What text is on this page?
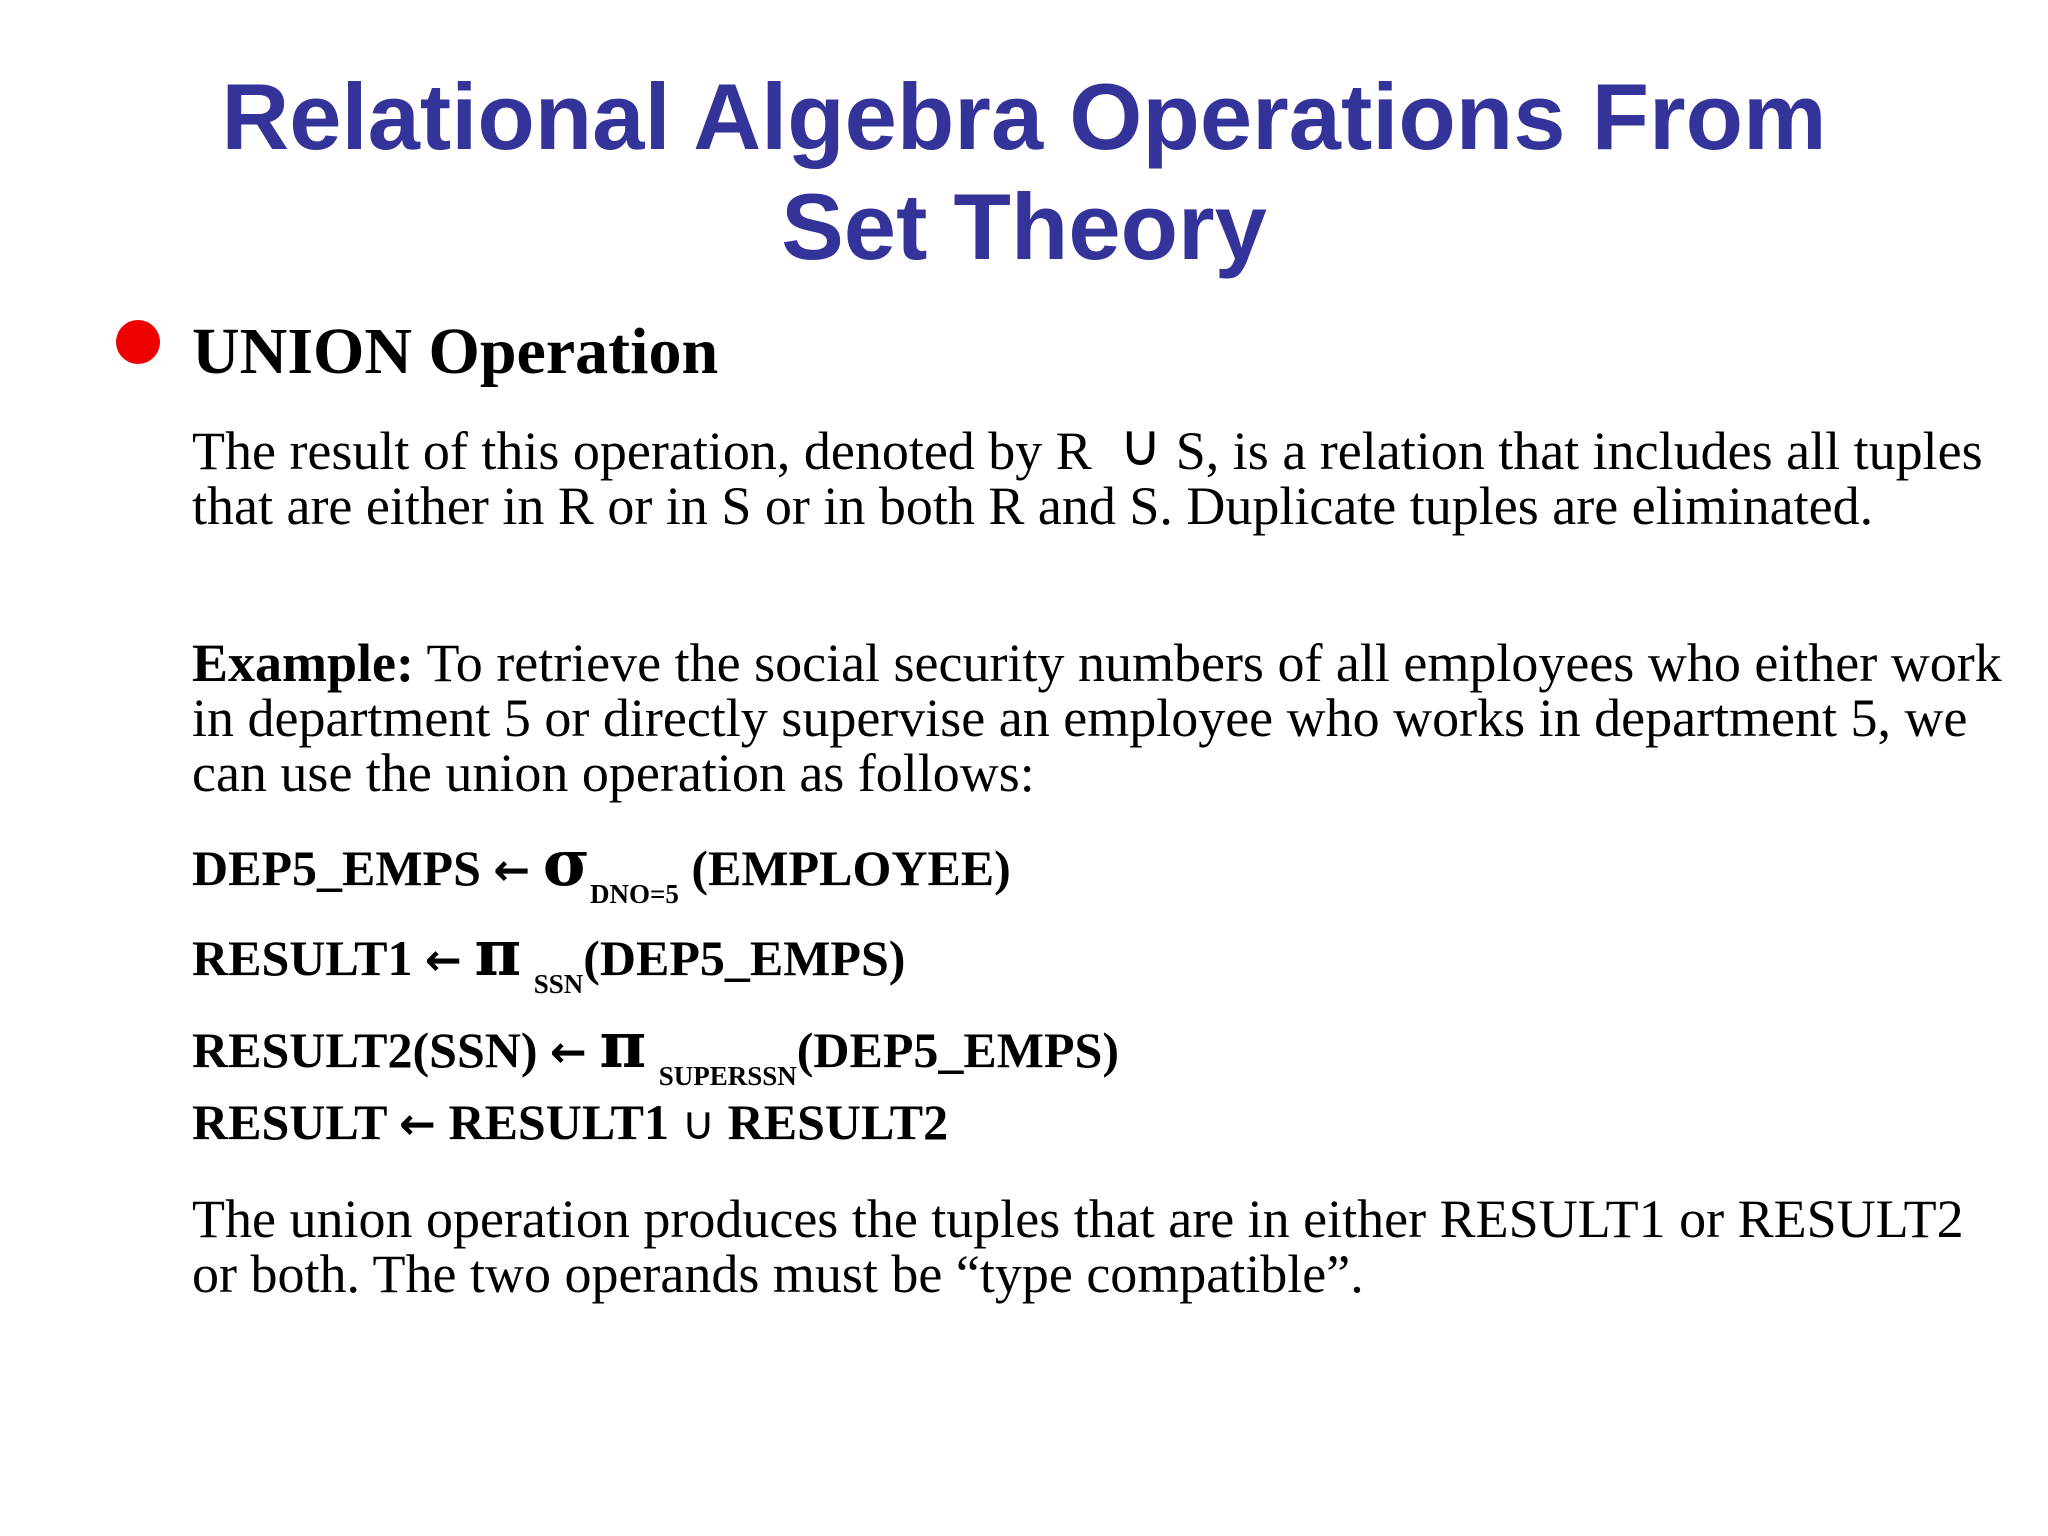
Relational Algebra Operations From
Set Theory
UNION Operation

The result of this operation, denoted by R ∪ S, is a relation that includes all tuples that are either in R or in S or in both R and S. Duplicate tuples are eliminated.

Example: To retrieve the social security numbers of all employees who either work in department 5 or directly supervise an employee who works in department 5, we can use the union operation as follows:

DEP5_EMPS ← $\sigma_{DNO=5}$ (EMPLOYEE)
RESULT1 ← π $_{SSN}$(DEP5_EMPS)
RESULT2(SSN) ← π $_{SUPERSSN}$(DEP5_EMPS)
RESULT ← RESULT1 ∪ RESULT2

The union operation produces the tuples that are in either RESULT1 or RESULT2 or both. The two operands must be “type compatible”.
